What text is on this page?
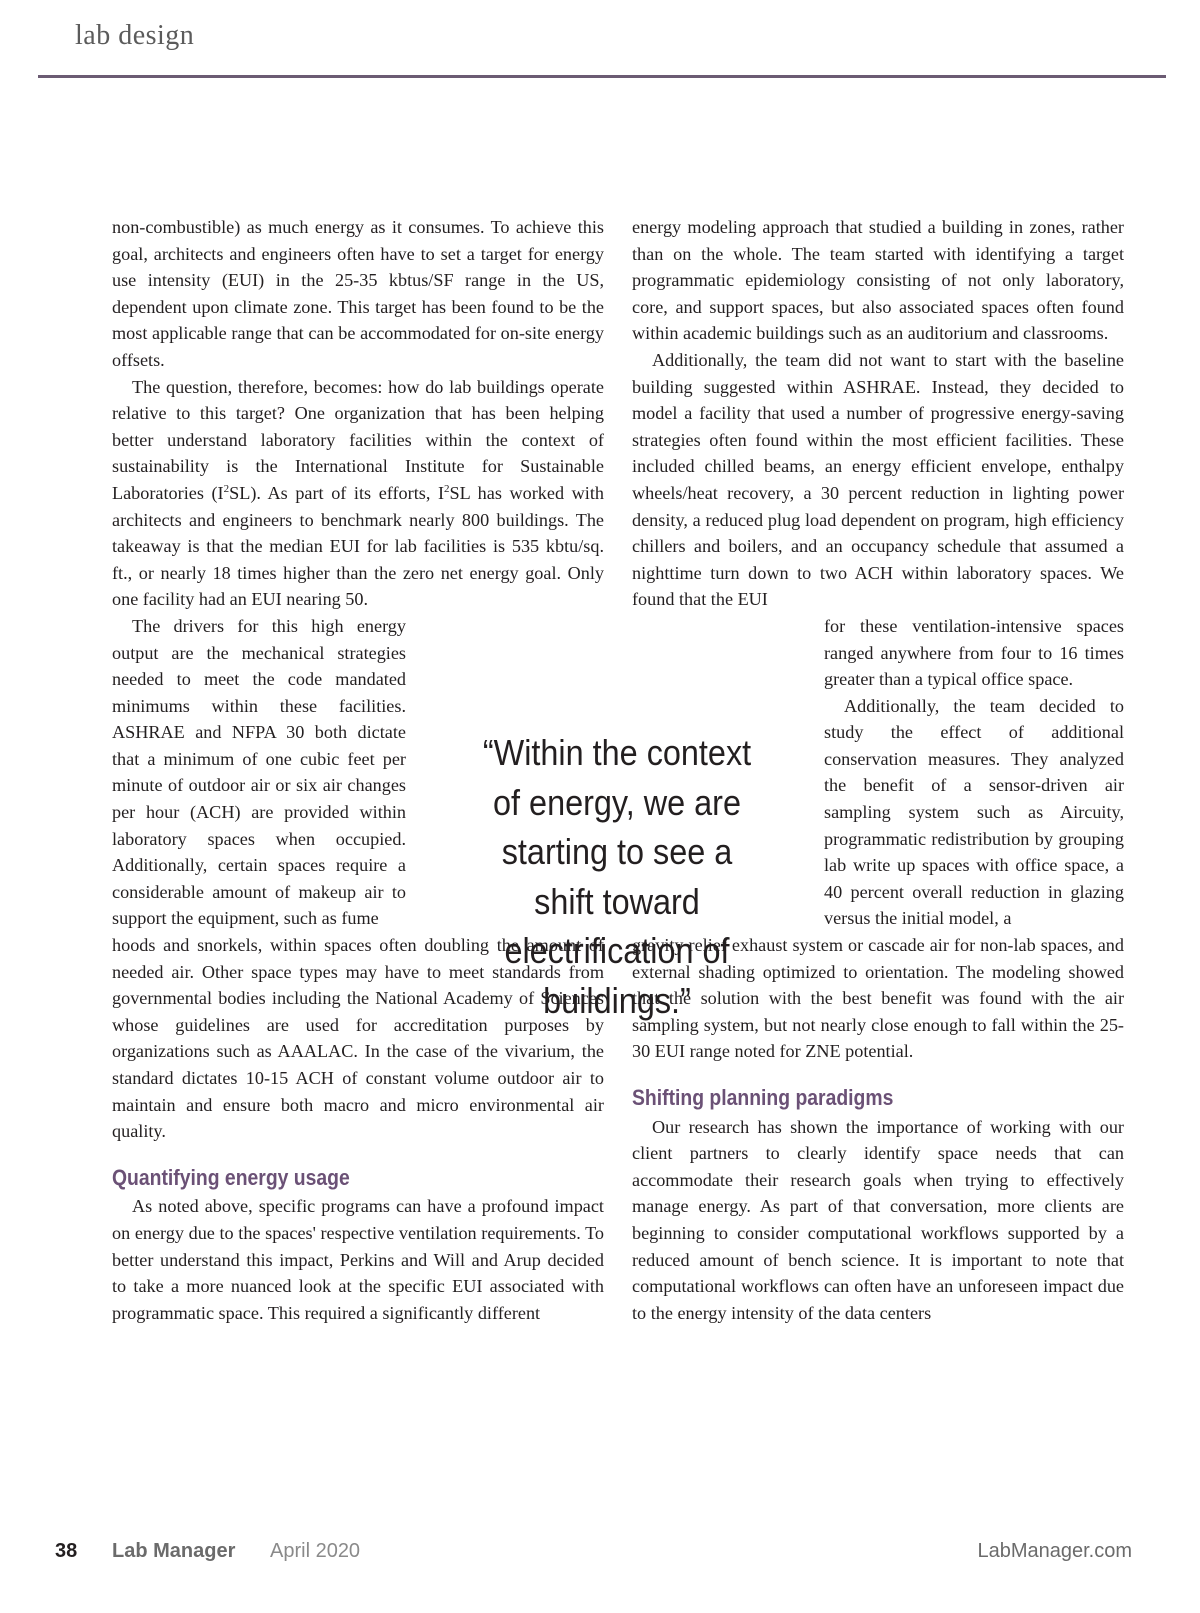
lab design

non-combustible) as much energy as it consumes. To achieve this goal, architects and engineers often have to set a target for energy use intensity (EUI) in the 25-35 kbtus/SF range in the US, dependent upon climate zone. This target has been found to be the most applicable range that can be accommodated for on-site energy offsets.

The question, therefore, becomes: how do lab buildings operate relative to this target? One organization that has been helping better understand laboratory facilities within the context of sustainability is the International Institute for Sustainable Laboratories $(I^2SL)$. As part of its efforts, $I^2SL$ has worked with architects and engineers to benchmark nearly 800 buildings. The takeaway is that the median EUI for lab facilities is 535 kbtu/sq. ft., or nearly 18 times higher than the zero net energy goal. Only one facility had an EUI nearing 50.

The drivers for this high energy output are the mechanical strategies needed to meet the code mandated minimums within these facilities. ASHRAE and NFPA 30 both dictate that a minimum of one cubic feet per minute of outdoor air or six air changes per hour (ACH) are provided within laboratory spaces when occupied. Additionally, certain spaces require a considerable amount of makeup air to support the equipment, such as fume

hoods and snorkels, within spaces often doubling the amount of needed air. Other space types may have to meet standards from governmental bodies including the National Academy of Sciences whose guidelines are used for accreditation purposes by organizations such as AAALAC. In the case of the vivarium, the standard dictates 10-15 ACH of constant volume outdoor air to maintain and ensure both macro and micro environmental air quality.

Quantifying energy usage

As noted above, specific programs can have a profound impact on energy due to the spaces' respective ventilation requirements. To better understand this impact, Perkins and Will and Arup decided to take a more nuanced look at the specific EUI associated with programmatic space. This required a significantly different

energy modeling approach that studied a building in zones, rather than on the whole. The team started with identifying a target programmatic epidemiology consisting of not only laboratory, core, and support spaces, but also associated spaces often found within academic buildings such as an auditorium and classrooms.

Additionally, the team did not want to start with the baseline building suggested within ASHRAE. Instead, they decided to model a facility that used a number of progressive energy-saving strategies often found within the most efficient facilities. These included chilled beams, an energy efficient envelope, enthalpy wheels/heat recovery, a 30 percent reduction in lighting power density, a reduced plug load dependent on program, high efficiency chillers and boilers, and an occupancy schedule that assumed a nighttime turn down to two ACH within laboratory spaces. We found that the EUI

for these ventilation-intensive spaces ranged anywhere from four to 16 times greater than a typical office space.

Additionally, the team decided to study the effect of additional conservation measures. They analyzed the benefit of a sensor-driven air sampling system such as Aircuity, programmatic redistribution by grouping lab write up spaces with office space, a 40 percent overall reduction in glazing versus the initial model, a

gravity relief exhaust system or cascade air for non-lab spaces, and external shading optimized to orientation. The modeling showed that the solution with the best benefit was found with the air sampling system, but not nearly close enough to fall within the 25-30 EUI range noted for ZNE potential.

Shifting planning paradigms

Our research has shown the importance of working with our client partners to clearly identify space needs that can accommodate their research goals when trying to effectively manage energy. As part of that conversation, more clients are beginning to consider computational workflows supported by a reduced amount of bench science. It is important to note that computational workflows can often have an unforeseen impact due to the energy intensity of the data centers

“Within the context of energy, we are starting to see a shift toward electrification of buildings.”
38 Lab Manager April 2020	LabManager.com
